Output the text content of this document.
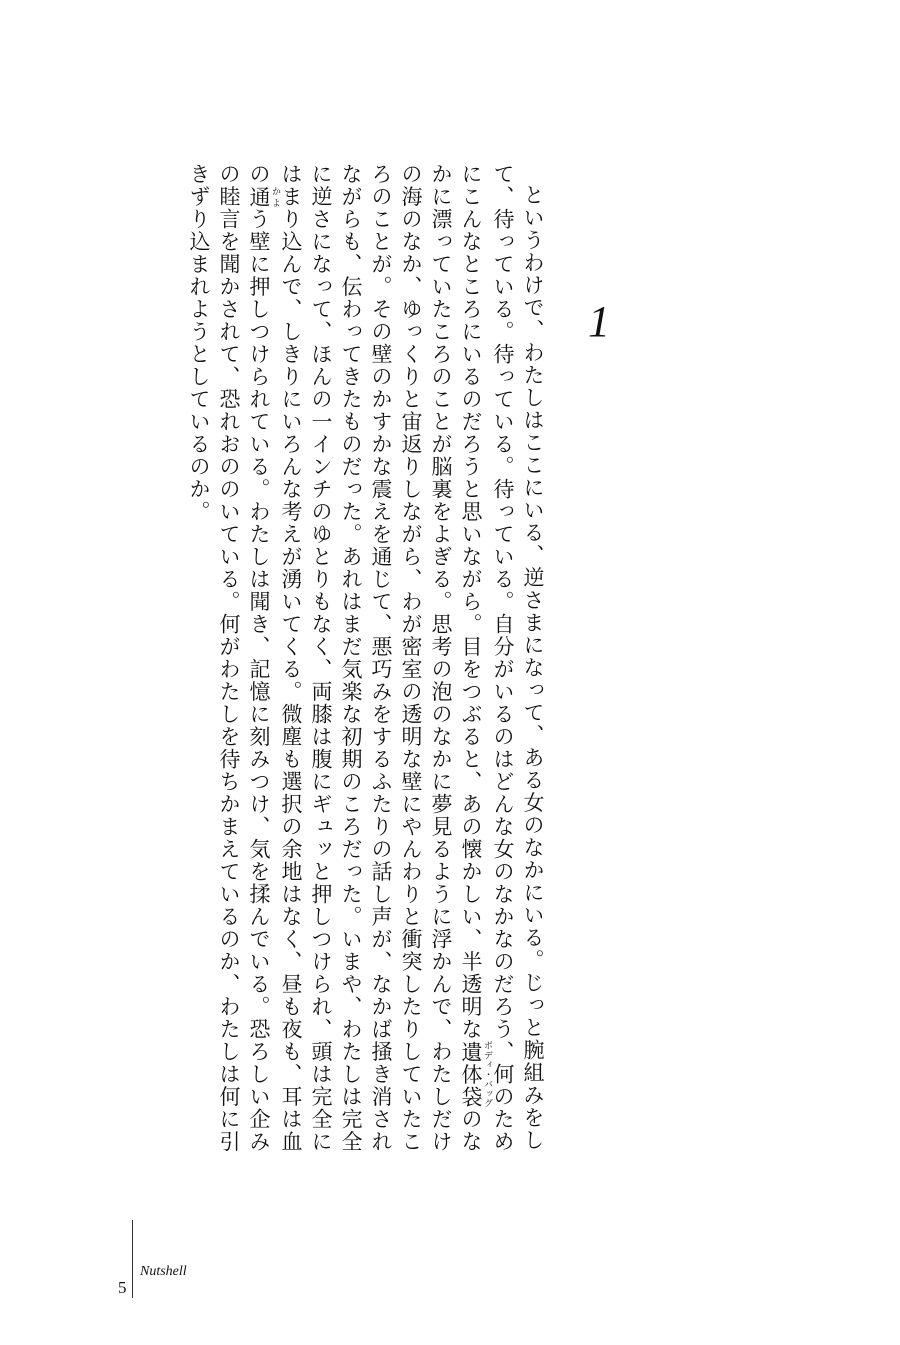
1

というわけで、わたしはここにいる、逆さまになって、ある女のなかにいる。じっと腕組みをして、待っている。待っている。待っている。自分がいるのはどんな女のなかなのだろう、何のためにこんなところにいるのだろうと思いながら。目をつぶると、あの懐かしい、半透明な遺体袋 ボディ・バッグのなかに漂っていたころのことが脳裏をよぎる。思考の泡のなかに夢見るように浮かんで、わたしだけの海のなか、ゆっくりと宙返りしながら、わが密室の透明な壁にやんわりと衝突したりしていたころのことが。その壁のかすかな震えを通じて、悪巧みをするふたりの話し声が、なかば掻き消されながらも、伝わってきたものだった。あれはまだ気楽な初期のころだった。いまや、わたしは完全に逆さになって、ほんの一インチのゆとりもなく、両膝は腹にギュッと押しつけられ、頭は完全にはまり込んで、しきりにいろんな考えが湧いてくる。微塵も選択の余地はなく、昼も夜も、耳は血の通 かよう壁に押しつけられている。わたしは聞き、記憶に刻みつけ、気を揉んでいる。恐ろしい企みの睦言を聞かされて、恐れおののいている。何がわたしを待ちかまえているのか、わたしは何に引きずり込まれようとしているのか。

5
Nutshell
